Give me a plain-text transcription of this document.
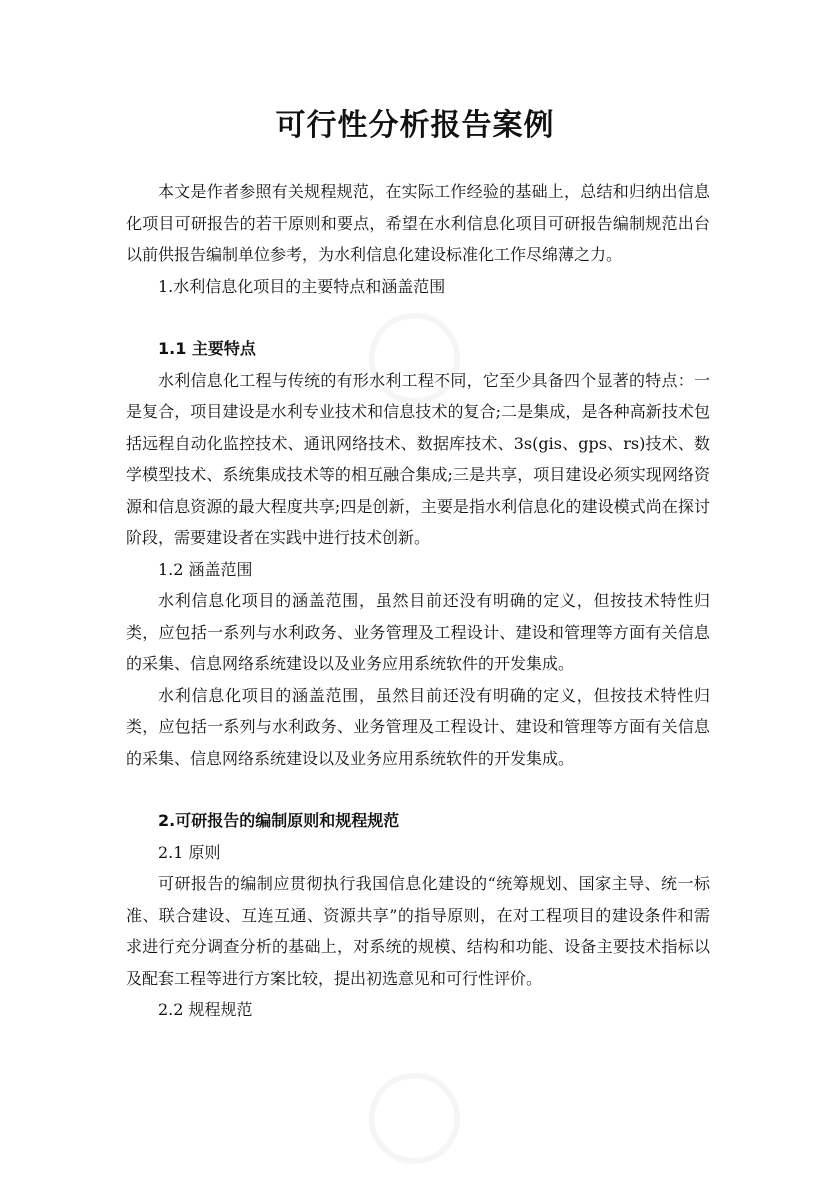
◯
◯
可行性分析报告案例

本文是作者参照有关规程规范，在实际工作经验的基础上，总结和归纳出信息化项目可研报告的若干原则和要点，希望在水利信息化项目可研报告编制规范出台以前供报告编制单位参考，为水利信息化建设标准化工作尽绵薄之力。

1.水利信息化项目的主要特点和涵盖范围

1.1 主要特点

水利信息化工程与传统的有形水利工程不同，它至少具备四个显著的特点：一是复合，项目建设是水利专业技术和信息技术的复合;二是集成，是各种高新技术包括远程自动化监控技术、通讯网络技术、数据库技术、3s(gis、gps、rs)技术、数学模型技术、系统集成技术等的相互融合集成;三是共享，项目建设必须实现网络资源和信息资源的最大程度共享;四是创新，主要是指水利信息化的建设模式尚在探讨阶段，需要建设者在实践中进行技术创新。

1.2 涵盖范围

水利信息化项目的涵盖范围，虽然目前还没有明确的定义，但按技术特性归类，应包括一系列与水利政务、业务管理及工程设计、建设和管理等方面有关信息的采集、信息网络系统建设以及业务应用系统软件的开发集成。

水利信息化项目的涵盖范围，虽然目前还没有明确的定义，但按技术特性归类，应包括一系列与水利政务、业务管理及工程设计、建设和管理等方面有关信息的采集、信息网络系统建设以及业务应用系统软件的开发集成。

2.可研报告的编制原则和规程规范

2.1 原则

可研报告的编制应贯彻执行我国信息化建设的“统筹规划、国家主导、统一标准、联合建设、互连互通、资源共享”的指导原则，在对工程项目的建设条件和需求进行充分调查分析的基础上，对系统的规模、结构和功能、设备主要技术指标以及配套工程等进行方案比较，提出初选意见和可行性评价。

2.2 规程规范
